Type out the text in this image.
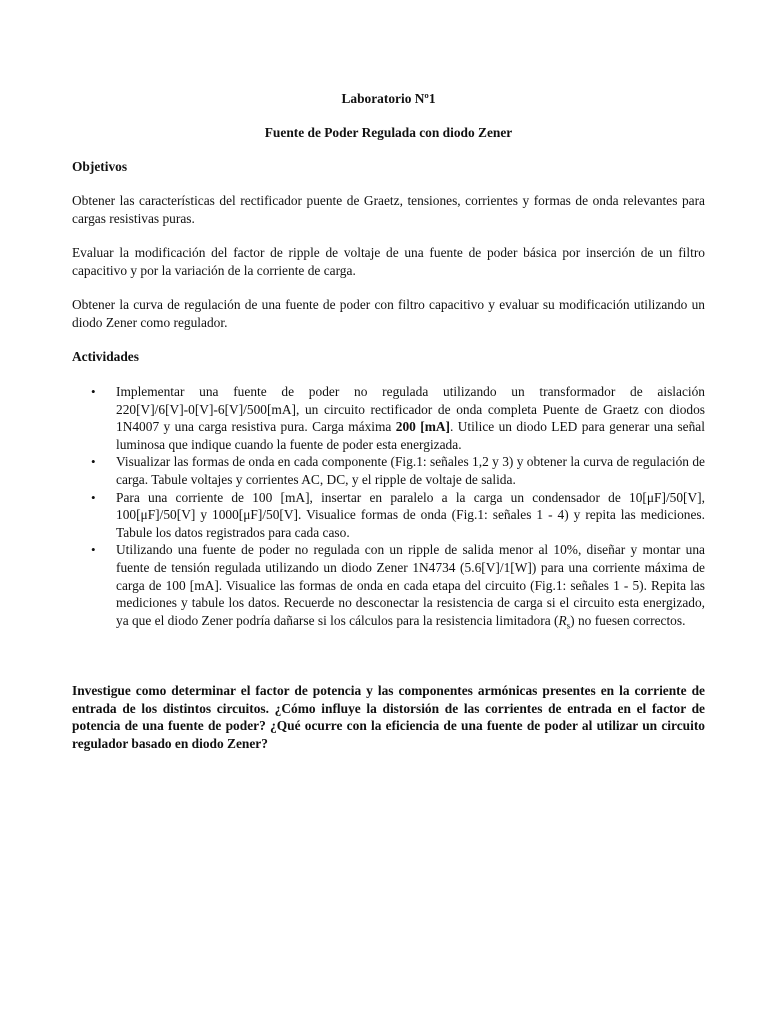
Laboratorio Nº1

Fuente de Poder Regulada con diodo Zener

Objetivos

Obtener las características del rectificador puente de Graetz, tensiones, corrientes y formas de onda relevantes para cargas resistivas puras.

Evaluar la modificación del factor de ripple de voltaje de una fuente de poder básica por inserción de un filtro capacitivo y por la variación de la corriente de carga.

Obtener la curva de regulación de una fuente de poder con filtro capacitivo y evaluar su modificación utilizando un diodo Zener como regulador.

Actividades

• Implementar una fuente de poder no regulada utilizando un transformador de aislación 220[V]/6[V]-0[V]-6[V]/500[mA], un circuito rectificador de onda completa Puente de Graetz con diodos 1N4007 y una carga resistiva pura. Carga máxima 200 [mA]. Utilice un diodo LED para generar una señal luminosa que indique cuando la fuente de poder esta energizada.
• Visualizar las formas de onda en cada componente (Fig.1: señales 1,2 y 3) y obtener la curva de regulación de carga. Tabule voltajes y corrientes AC, DC, y el ripple de voltaje de salida.
• Para una corriente de 100 [mA], insertar en paralelo a la carga un condensador de 10[μF]/50[V], 100[μF]/50[V] y 1000[μF]/50[V]. Visualice formas de onda (Fig.1: señales 1 - 4) y repita las mediciones. Tabule los datos registrados para cada caso.
• Utilizando una fuente de poder no regulada con un ripple de salida menor al 10%, diseñar y montar una fuente de tensión regulada utilizando un diodo Zener 1N4734 (5.6[V]/1[W]) para una corriente máxima de carga de 100 [mA]. Visualice las formas de onda en cada etapa del circuito (Fig.1: señales 1 - 5). Repita las mediciones y tabule los datos. Recuerde no desconectar la resistencia de carga si el circuito esta energizado, ya que el diodo Zener podría dañarse si los cálculos para la resistencia limitadora $(R_s)$ no fuesen correctos.

Investigue como determinar el factor de potencia y las componentes armónicas presentes en la corriente de entrada de los distintos circuitos. ¿Cómo influye la distorsión de las corrientes de entrada en el factor de potencia de una fuente de poder? ¿Qué ocurre con la eficiencia de una fuente de poder al utilizar un circuito regulador basado en diodo Zener?
